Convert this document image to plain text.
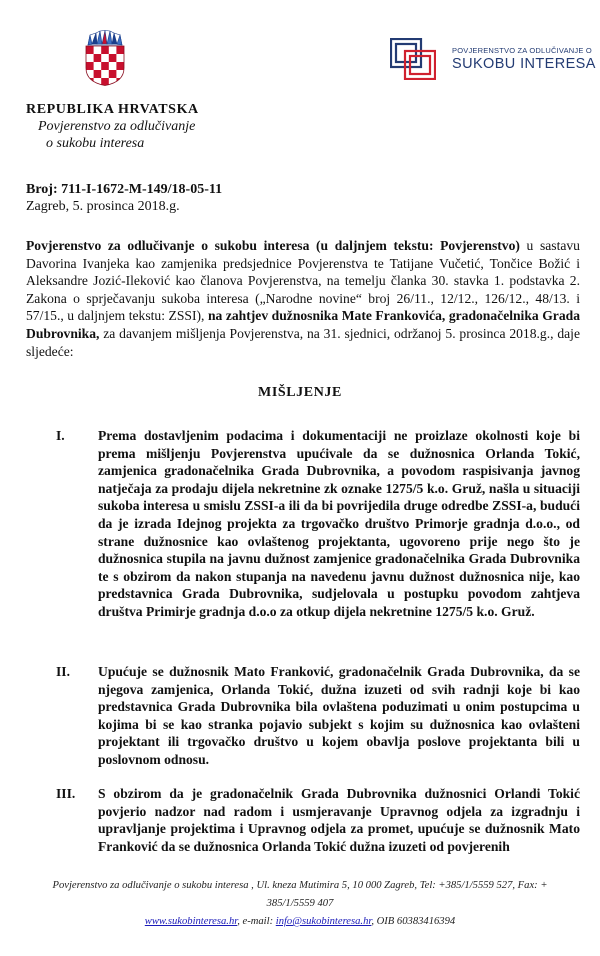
POVJERENSTVO ZA ODLUČIVANJE O
SUKOBU INTERESA
REPUBLIKA HRVATSKA
Povjerenstvo za odlučivanje
o sukobu interesa
Broj: 711-I-1672-M-149/18-05-11
Zagreb, 5. prosinca 2018.g.
Povjerenstvo za odlučivanje o sukobu interesa (u daljnjem tekstu: Povjerenstvo) u sastavu Davorina Ivanjeka kao zamjenika predsjednice Povjerenstva te Tatijane Vučetić, Tončice Božić i Aleksandre Jozić-Ileković kao članova Povjerenstva, na temelju članka 30. stavka 1. podstavka 2. Zakona o sprječavanju sukoba interesa („Narodne novine“ broj 26/11., 12/12., 126/12., 48/13. i 57/15., u daljnjem tekstu: ZSSI), na zahtjev dužnosnika Mate Frankovića, gradonačelnika Grada Dubrovnika, za davanjem mišljenja Povjerenstva, na 31. sjednici, održanoj 5. prosinca 2018.g., daje sljedeće:
MIŠLJENJE
I.	Prema dostavljenim podacima i dokumentaciji ne proizlaze okolnosti koje bi prema mišljenju Povjerenstva upućivale da se dužnosnica Orlanda Tokić, zamjenica gradonačelnika Grada Dubrovnika, a povodom raspisivanja javnog natječaja za prodaju dijela nekretnine zk oznake 1275/5 k.o. Gruž, našla u situaciji sukoba interesa u smislu ZSSI-a ili da bi povrijedila druge odredbe ZSSI-a, budući da je izrada Idejnog projekta za trgovačko društvo Primorje gradnja d.o.o., od strane dužnosnice kao ovlaštenog projektanta, ugovoreno prije nego što je dužnosnica stupila na javnu dužnost zamjenice gradonačelnika Grada Dubrovnika te s obzirom da nakon stupanja na navedenu javnu dužnost dužnosnica nije, kao predstavnica Grada Dubrovnika, sudjelovala u postupku povodom zahtjeva društva Primirje gradnja d.o.o za otkup dijela nekretnine 1275/5 k.o. Gruž.
II.	Upućuje se dužnosnik Mato Franković, gradonačelnik Grada Dubrovnika, da se njegova zamjenica, Orlanda Tokić, dužna izuzeti od svih radnji koje bi kao predstavnica Grada Dubrovnika bila ovlaštena poduzimati u onim postupcima u kojima bi se kao stranka pojavio subjekt s kojim su dužnosnica kao ovlašteni projektant ili trgovačko društvo u kojem obavlja poslove projektanta bili u poslovnom odnosu.
III.	S obzirom da je gradonačelnik Grada Dubrovnika dužnosnici Orlandi Tokić povjerio nadzor nad radom i usmjeravanje Upravnog odjela za izgradnju i upravljanje projektima i Upravnog odjela za promet, upućuje se dužnosnik Mato Franković da se dužnosnica Orlanda Tokić dužna izuzeti od povjerenih
Povjerenstvo za odlučivanje o sukobu interesa , Ul. kneza Mutimira 5, 10 000 Zagreb, Tel: +385/1/5559 527, Fax: +
385/1/5559 407
www.sukobinteresa.hr, e-mail: info@sukobinteresa.hr, OIB 60383416394
